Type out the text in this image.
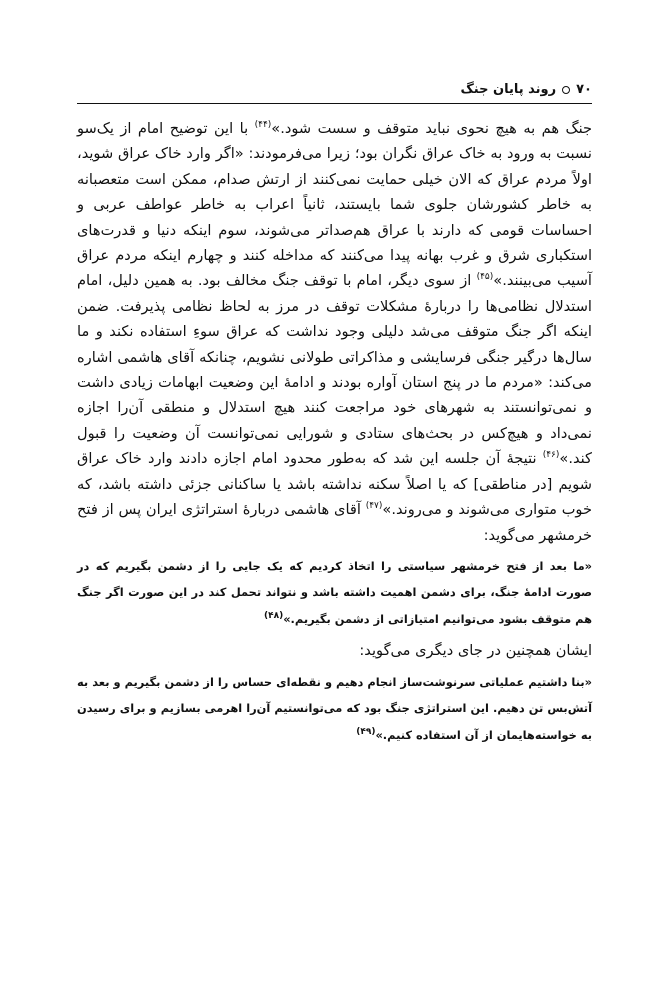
۷۰
روند پایان جنگ

جنگ هم به هیچ نحوی نباید متوقف و سست شود.»$^{(۴۴)}$ با این توضیح امام از یک‌سو نسبت به ورود به خاک عراق نگران بود؛ زیرا می‌فرمودند: «اگر وارد خاک عراق شوید، اولاً مردم عراق که الان خیلی حمایت نمی‌کنند از ارتش صدام، ممکن است متعصبانه به خاطر کشورشان جلوی شما بایستند، ثانیاً اعراب به خاطر عواطف عربی و احساسات قومی که دارند با عراق هم‌صداتر می‌شوند، سوم اینکه دنیا و قدرت‌های استکباری شرق و غرب بهانه پیدا می‌کنند که مداخله کنند و چهارم اینکه مردم عراق آسیب می‌بینند.»$^{(۴۵)}$ از سوی دیگر، امام با توقف جنگ مخالف بود. به همین دلیل، امام استدلال نظامی‌ها را دربارهٔ مشکلات توقف در مرز به لحاظ نظامی پذیرفت. ضمن اینکه اگر جنگ متوقف می‌شد دلیلی وجود نداشت که عراق سوءِ استفاده نکند و ما سال‌ها درگیر جنگی فرسایشی و مذاکراتی طولانی نشویم، چنانکه آقای هاشمی اشاره می‌کند: «مردم ما در پنج استان آواره بودند و ادامهٔ این وضعیت ابهامات زیادی داشت و نمی‌توانستند به شهرهای خود مراجعت کنند هیچ استدلال و منطقی آن‌را اجازه نمی‌داد و هیچ‌کس در بحث‌های ستادی و شورایی نمی‌توانست آن وضعیت را قبول کند.»$^{(۴۶)}$ نتیجهٔ آن جلسه این شد که به‌طور محدود امام اجازه دادند وارد خاک عراق شویم [در مناطقی] که یا اصلاً سکنه نداشته باشد یا ساکنانی جزئی داشته باشد، که خوب متواری می‌شوند و می‌روند.»$^{(۴۷)}$ آقای هاشمی دربارهٔ استراتژی ایران پس از فتح خرمشهر می‌گوید:

«ما بعد از فتح خرمشهر سیاستی را اتخاذ کردیم که یک جایی را از دشمن بگیریم که در صورت ادامهٔ جنگ، برای دشمن اهمیت داشته باشد و نتواند تحمل کند در این صورت اگر جنگ هم متوقف بشود می‌توانیم امتیازاتی از دشمن بگیریم.»$^{(۴۸)}$

ایشان همچنین در جای دیگری می‌گوید:

«بنا داشتیم عملیاتی سرنوشت‌ساز انجام دهیم و نقطه‌ای حساس را از دشمن بگیریم و بعد به آتش‌بس تن دهیم. این استراتژی جنگ بود که می‌توانستیم آن‌را اهرمی بسازیم و برای رسیدن به خواسته‌هایمان از آن استفاده کنیم.»$^{(۴۹)}$
